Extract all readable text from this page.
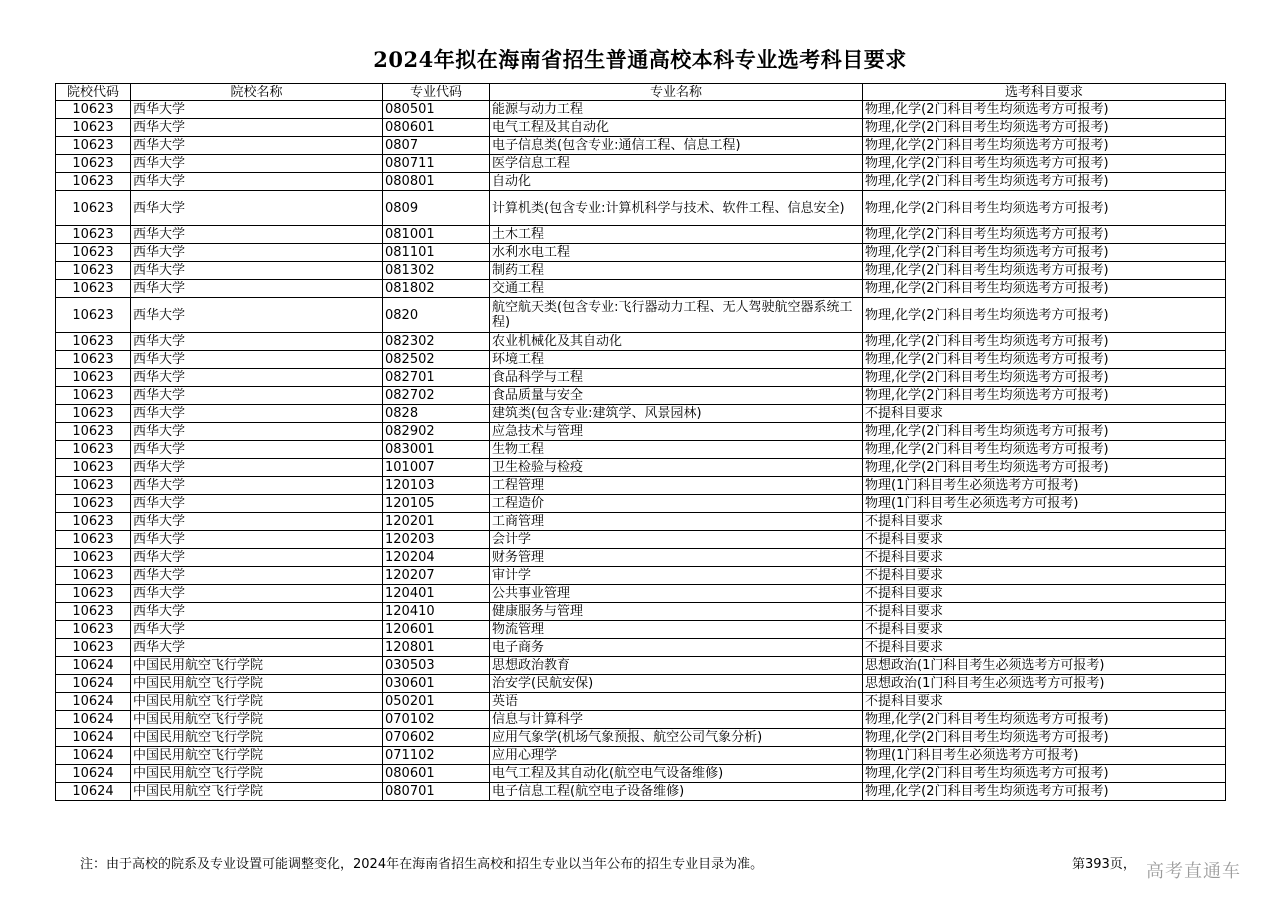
2024年拟在海南省招生普通高校本科专业选考科目要求
院校代码	院校名称	专业代码	专业名称	选考科目要求
10623	西华大学	080501	能源与动力工程	物理,化学(2门科目考生均须选考方可报考)
10623	西华大学	080601	电气工程及其自动化	物理,化学(2门科目考生均须选考方可报考)
10623	西华大学	0807	电子信息类(包含专业:通信工程、信息工程)	物理,化学(2门科目考生均须选考方可报考)
10623	西华大学	080711	医学信息工程	物理,化学(2门科目考生均须选考方可报考)
10623	西华大学	080801	自动化	物理,化学(2门科目考生均须选考方可报考)
10623	西华大学	0809	计算机类(包含专业:计算机科学与技术、软件工程、信息安全)	物理,化学(2门科目考生均须选考方可报考)
10623	西华大学	081001	土木工程	物理,化学(2门科目考生均须选考方可报考)
10623	西华大学	081101	水利水电工程	物理,化学(2门科目考生均须选考方可报考)
10623	西华大学	081302	制药工程	物理,化学(2门科目考生均须选考方可报考)
10623	西华大学	081802	交通工程	物理,化学(2门科目考生均须选考方可报考)
10623	西华大学	0820	航空航天类(包含专业:飞行器动力工程、无人驾驶航空器系统工程)	物理,化学(2门科目考生均须选考方可报考)
10623	西华大学	082302	农业机械化及其自动化	物理,化学(2门科目考生均须选考方可报考)
10623	西华大学	082502	环境工程	物理,化学(2门科目考生均须选考方可报考)
10623	西华大学	082701	食品科学与工程	物理,化学(2门科目考生均须选考方可报考)
10623	西华大学	082702	食品质量与安全	物理,化学(2门科目考生均须选考方可报考)
10623	西华大学	0828	建筑类(包含专业:建筑学、风景园林)	不提科目要求
10623	西华大学	082902	应急技术与管理	物理,化学(2门科目考生均须选考方可报考)
10623	西华大学	083001	生物工程	物理,化学(2门科目考生均须选考方可报考)
10623	西华大学	101007	卫生检验与检疫	物理,化学(2门科目考生均须选考方可报考)
10623	西华大学	120103	工程管理	物理(1门科目考生必须选考方可报考)
10623	西华大学	120105	工程造价	物理(1门科目考生必须选考方可报考)
10623	西华大学	120201	工商管理	不提科目要求
10623	西华大学	120203	会计学	不提科目要求
10623	西华大学	120204	财务管理	不提科目要求
10623	西华大学	120207	审计学	不提科目要求
10623	西华大学	120401	公共事业管理	不提科目要求
10623	西华大学	120410	健康服务与管理	不提科目要求
10623	西华大学	120601	物流管理	不提科目要求
10623	西华大学	120801	电子商务	不提科目要求
10624	中国民用航空飞行学院	030503	思想政治教育	思想政治(1门科目考生必须选考方可报考)
10624	中国民用航空飞行学院	030601	治安学(民航安保)	思想政治(1门科目考生必须选考方可报考)
10624	中国民用航空飞行学院	050201	英语	不提科目要求
10624	中国民用航空飞行学院	070102	信息与计算科学	物理,化学(2门科目考生均须选考方可报考)
10624	中国民用航空飞行学院	070602	应用气象学(机场气象预报、航空公司气象分析)	物理,化学(2门科目考生均须选考方可报考)
10624	中国民用航空飞行学院	071102	应用心理学	物理(1门科目考生必须选考方可报考)
10624	中国民用航空飞行学院	080601	电气工程及其自动化(航空电气设备维修)	物理,化学(2门科目考生均须选考方可报考)
10624	中国民用航空飞行学院	080701	电子信息工程(航空电子设备维修)	物理,化学(2门科目考生均须选考方可报考)
注：由于高校的院系及专业设置可能调整变化，2024年在海南省招生高校和招生专业以当年公布的招生专业目录为准。	第393页， 高考直通车
